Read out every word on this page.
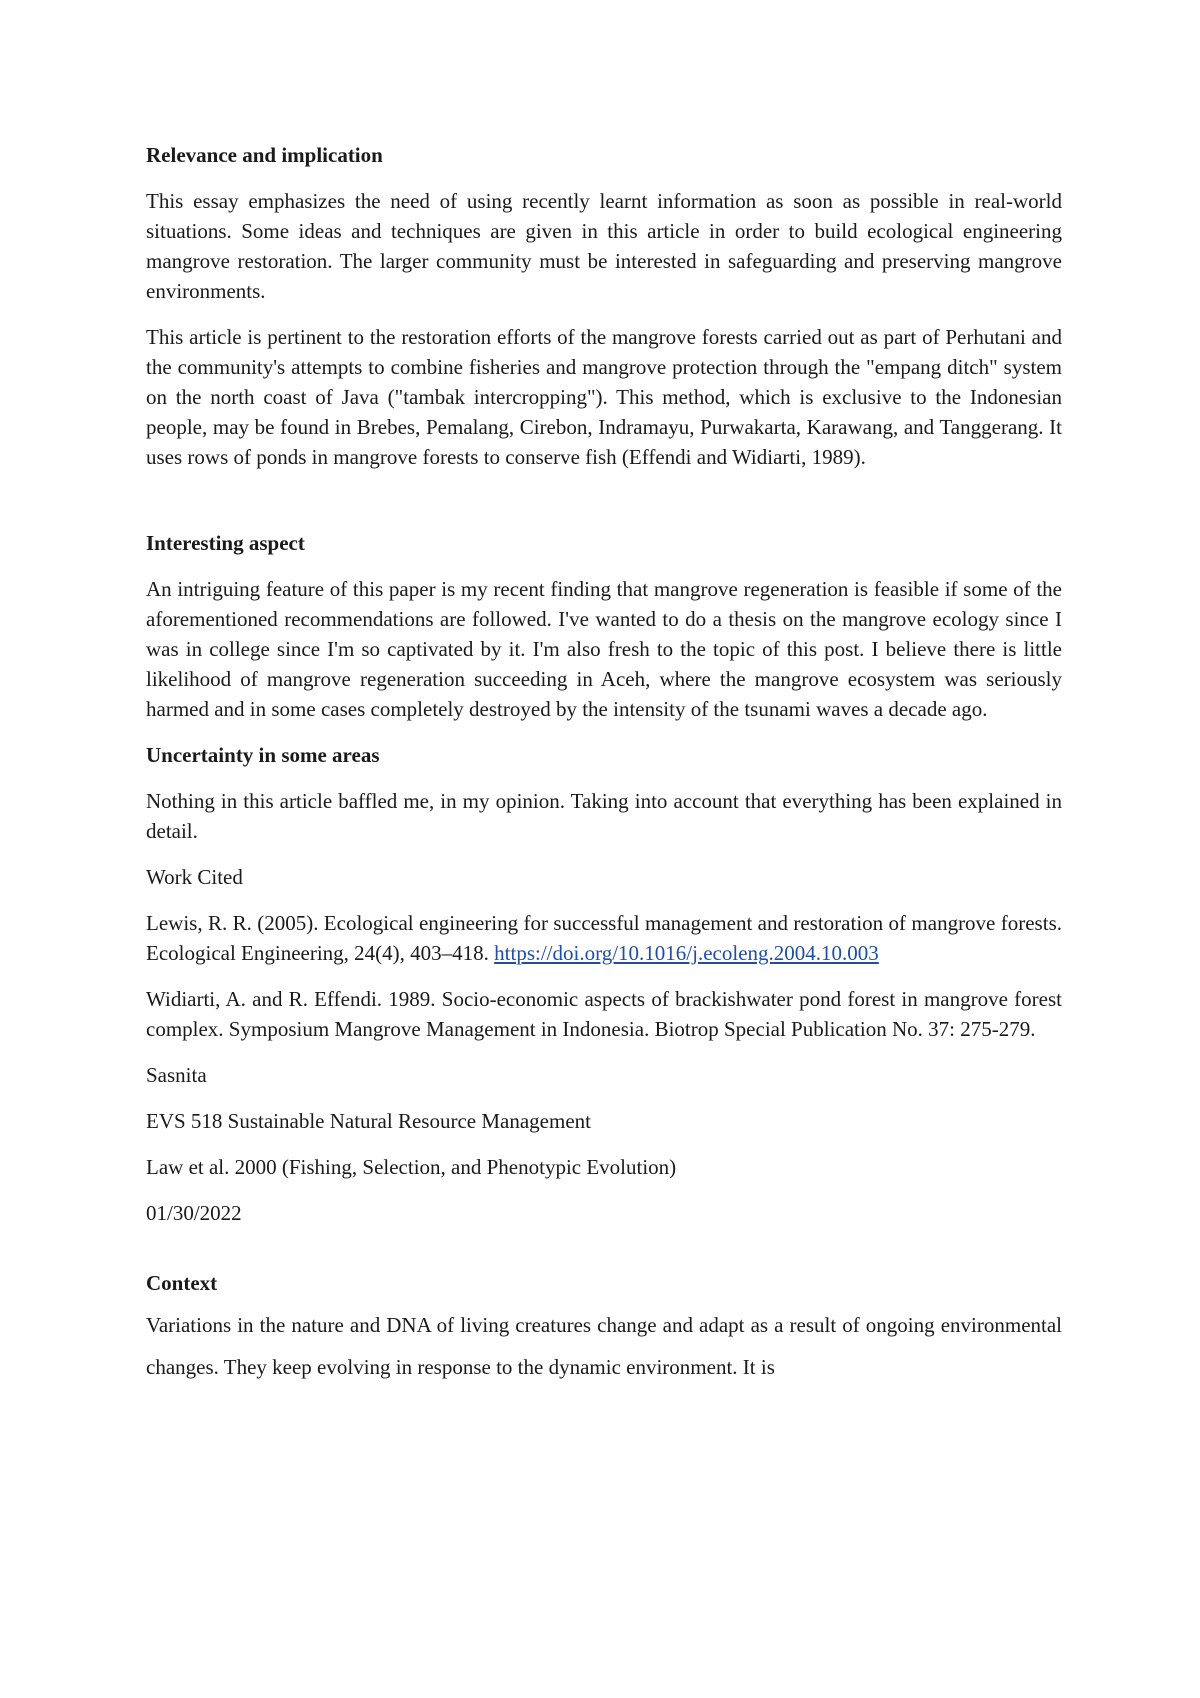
Relevance and implication

This essay emphasizes the need of using recently learnt information as soon as possible in real-world situations. Some ideas and techniques are given in this article in order to build ecological engineering mangrove restoration. The larger community must be interested in safeguarding and preserving mangrove environments.

This article is pertinent to the restoration efforts of the mangrove forests carried out as part of Perhutani and the community's attempts to combine fisheries and mangrove protection through the "empang ditch" system on the north coast of Java ("tambak intercropping"). This method, which is exclusive to the Indonesian people, may be found in Brebes, Pemalang, Cirebon, Indramayu, Purwakarta, Karawang, and Tanggerang. It uses rows of ponds in mangrove forests to conserve fish (Effendi and Widiarti, 1989).

Interesting aspect

An intriguing feature of this paper is my recent finding that mangrove regeneration is feasible if some of the aforementioned recommendations are followed. I've wanted to do a thesis on the mangrove ecology since I was in college since I'm so captivated by it. I'm also fresh to the topic of this post. I believe there is little likelihood of mangrove regeneration succeeding in Aceh, where the mangrove ecosystem was seriously harmed and in some cases completely destroyed by the intensity of the tsunami waves a decade ago.

Uncertainty in some areas

Nothing in this article baffled me, in my opinion. Taking into account that everything has been explained in detail.

Work Cited

Lewis, R. R. (2005). Ecological engineering for successful management and restoration of mangrove forests. Ecological Engineering, 24(4), 403–418. https://doi.org/10.1016/j.ecoleng.2004.10.003

Widiarti, A. and R. Effendi. 1989. Socio-economic aspects of brackishwater pond forest in mangrove forest complex. Symposium Mangrove Management in Indonesia. Biotrop Special Publication No. 37: 275-279.

Sasnita
EVS 518 Sustainable Natural Resource Management
Law et al. 2000 (Fishing, Selection, and Phenotypic Evolution)
01/30/2022
Context

Variations in the nature and DNA of living creatures change and adapt as a result of ongoing environmental changes. They keep evolving in response to the dynamic environment. It is
